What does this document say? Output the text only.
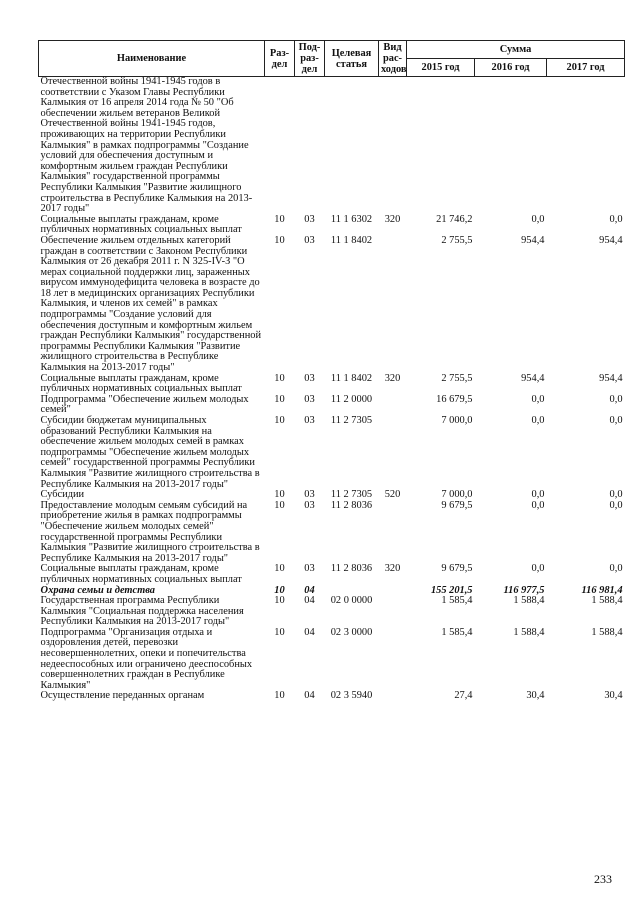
Наименование	Раз-дел	Под-раз-дел	Целевая статья	Вид рас-ходов	Сумма		
					2015 год	2016 год	2017 год
Отечественной войны 1941-1945 годов в соответствии с Указом Главы Республики Калмыкия от 16 апреля 2014 года № 50 "Об обеспечении жильем ветеранов Великой Отечественной войны 1941-1945 годов, проживающих на территории Республики Калмыкия" в рамках подпрограммы "Создание условий для обеспечения доступным и комфортным жильем граждан Республики Калмыкия" государственной программы Республики Калмыкия "Развитие жилищного строительства в Республике Калмыкия на 2013-2017 годы"							
Социальные выплаты гражданам, кроме публичных нормативных социальных выплат	10	03	11 1 6302	320	21 746,2	0,0	0,0
Обеспечение жильем отдельных категорий граждан в соответствии с Законом Республики Калмыкия от 26 декабря 2011 г. N 325-IV-З "О мерах социальной поддержки лиц, зараженных вирусом иммунодефицита человека в возрасте до 18 лет в медицинских организациях Республики Калмыкия, и членов их семей" в рамках подпрограммы "Создание условий для обеспечения доступным и комфортным жильем граждан Республики Калмыкия" государственной программы Республики Калмыкия "Развитие жилищного строительства в Республике Калмыкия на 2013-2017 годы"	10	03	11 1 8402		2 755,5	954,4	954,4
Социальные выплаты гражданам, кроме публичных нормативных социальных выплат	10	03	11 1 8402	320	2 755,5	954,4	954,4
Подпрограмма "Обеспечение жильем молодых семей"	10	03	11 2 0000		16 679,5	0,0	0,0
Субсидии бюджетам муниципальных образований Республики Калмыкия на обеспечение жильем молодых семей в рамках подпрограммы "Обеспечение жильем молодых семей" государственной программы Республики Калмыкия "Развитие жилищного строительства в Республике Калмыкия на 2013-2017 годы"	10	03	11 2 7305		7 000,0	0,0	0,0
Субсидии	10	03	11 2 7305	520	7 000,0	0,0	0,0
Предоставление молодым семьям субсидий на приобретение жилья в рамках подпрограммы "Обеспечение жильем молодых семей" государственной программы Республики Калмыкия "Развитие жилищного строительства в Республике Калмыкия на 2013-2017 годы"	10	03	11 2 8036		9 679,5	0,0	0,0
Социальные выплаты гражданам, кроме публичных нормативных социальных выплат	10	03	11 2 8036	320	9 679,5	0,0	0,0
Охрана семьи и детства	10	04			155 201,5	116 977,5	116 981,4
Государственная программа Республики Калмыкия "Социальная поддержка населения Республики Калмыкия на 2013-2017 годы"	10	04	02 0 0000		1 585,4	1 588,4	1 588,4
Подпрограмма "Организация отдыха и оздоровления детей, перевозки несовершеннолетних, опеки и попечительства недееспособных или ограничено дееспособных совершеннолетних граждан в Республике Калмыкия"	10	04	02 3 0000		1 585,4	1 588,4	1 588,4
Осуществление переданных органам	10	04	02 3 5940		27,4	30,4	30,4
233
